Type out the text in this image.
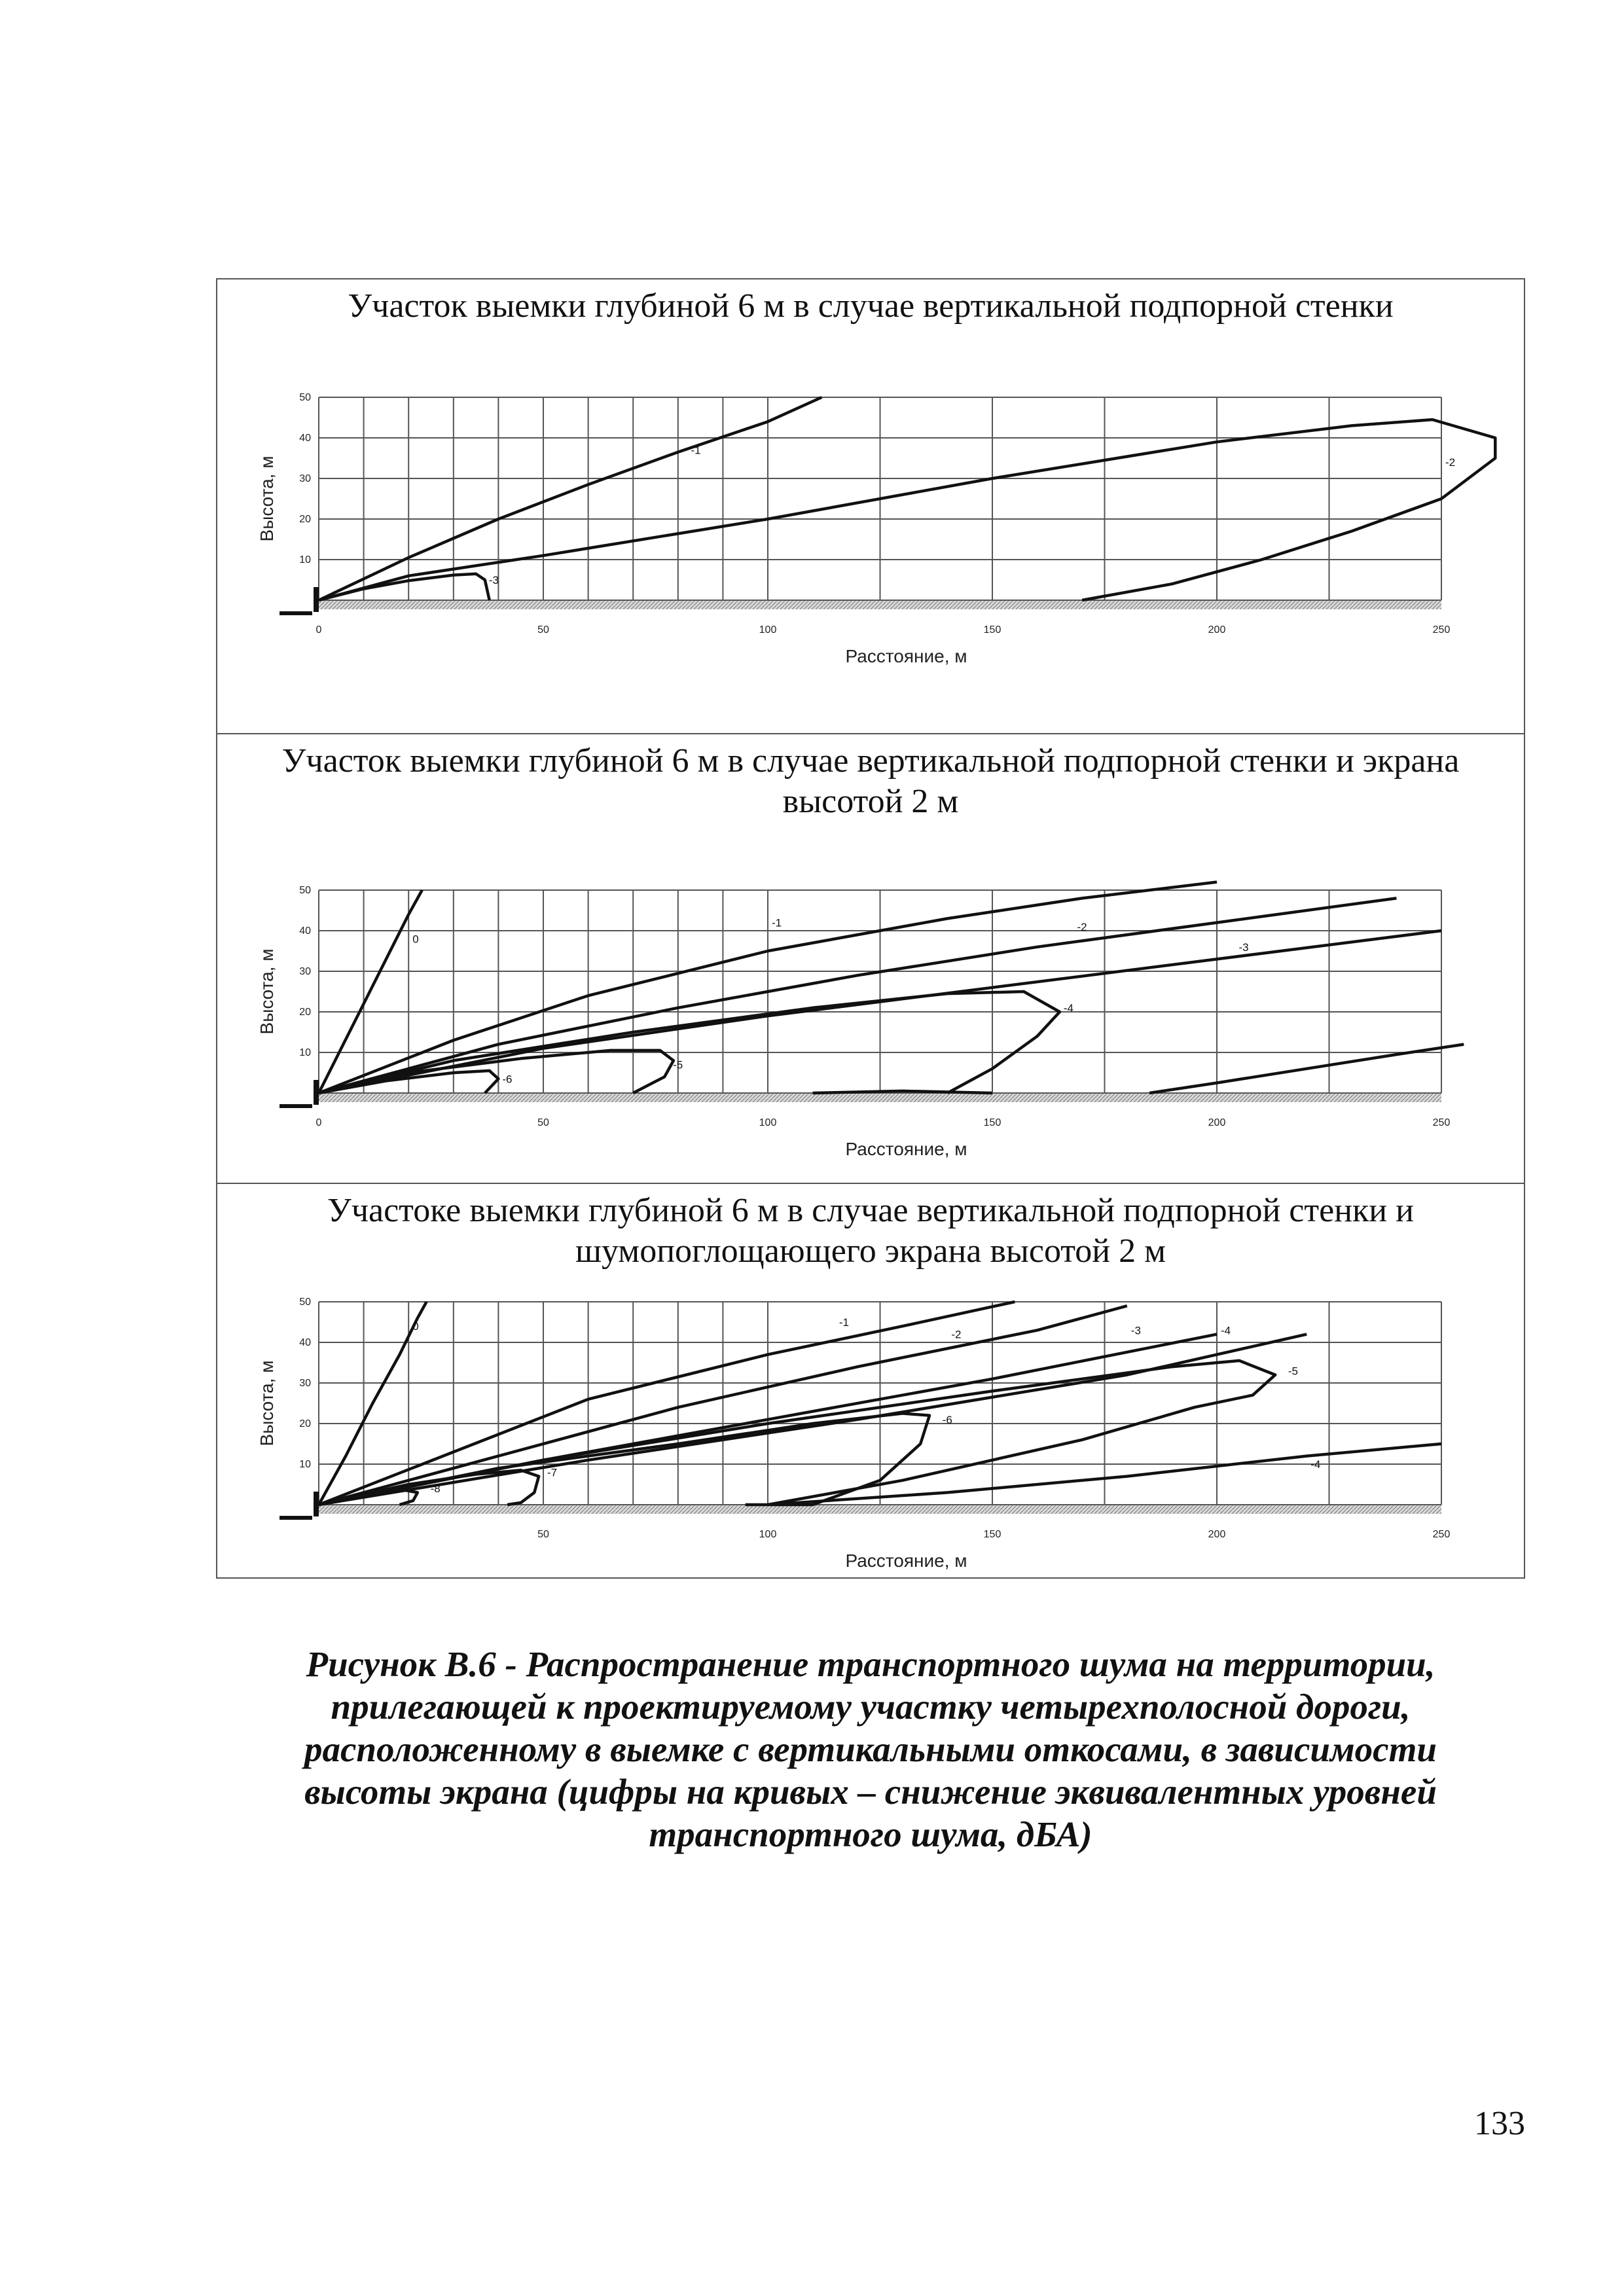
Участок выемки глубиной 6 м в случае вертикальной подпорной стенки
-1
-2
-3
0	50	100	150	200	250
10
20
30
40
50
Расстояние, м
Высота, м
Участок выемки глубиной 6 м в случае вертикальной подпорной стенки и экрана высотой 2 м
0
-1	-2
-3
-4
-5
-6
0	50	100	150	200	250
10
20
30
40
50
Расстояние, м
Высота, м
Участоке выемки глубиной 6 м в случае вертикальной подпорной стенки и шумопоглощающего экрана высотой 2 м
0	-1
-2	-3	-4
-5
-6
-7
-8
-4
50	100	150	200	250
10
20
30
40
50
Расстояние, м
Высота, м
Рисунок В.6 - Распространение транспортного шума на территории,
прилегающей к проектируемому участку четырехполосной дороги,
расположенному в выемке с вертикальными откосами, в зависимости
высоты экрана (цифры на кривых – снижение эквивалентных уровней
транспортного шума, дБА)
133
